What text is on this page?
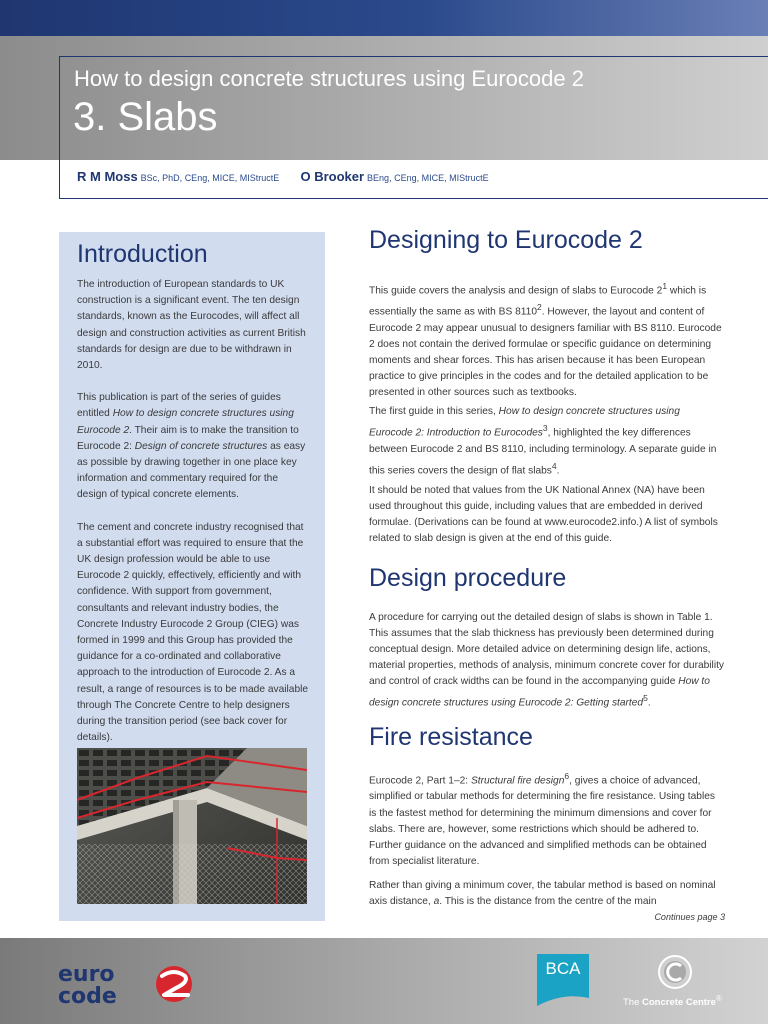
How to design concrete structures using Eurocode 2
3. Slabs
R M Moss BSc, PhD, CEng, MICE, MIStructE O Brooker BEng, CEng, MICE, MIStructE
Introduction

The introduction of European standards to UK construction is a significant event. The ten design standards, known as the Eurocodes, will affect all design and construction activities as current British standards for design are due to be withdrawn in 2010.

This publication is part of the series of guides entitled How to design concrete structures using Eurocode 2. Their aim is to make the transition to Eurocode 2: Design of concrete structures as easy as possible by drawing together in one place key information and commentary required for the design of typical concrete elements.

The cement and concrete industry recognised that a substantial effort was required to ensure that the UK design profession would be able to use Eurocode 2 quickly, effectively, efficiently and with confidence. With support from government, consultants and relevant industry bodies, the Concrete Industry Eurocode 2 Group (CIEG) was formed in 1999 and this Group has provided the guidance for a co-ordinated and collaborative approach to the introduction of Eurocode 2. As a result, a range of resources is to be made available through The Concrete Centre to help designers during the transition period (see back cover for details).

Designing to Eurocode 2

This guide covers the analysis and design of slabs to Eurocode $2^1$ which is essentially the same as with BS 8110$^2$. However, the layout and content of Eurocode 2 may appear unusual to designers familiar with BS 8110. Eurocode 2 does not contain the derived formulae or specific guidance on determining moments and shear forces. This has arisen because it has been European practice to give principles in the codes and for the detailed application to be presented in other sources such as textbooks.

The first guide in this series, How to design concrete structures using Eurocode 2: Introduction to Eurocodes$^3$, highlighted the key differences between Eurocode 2 and BS 8110, including terminology. A separate guide in this series covers the design of flat slabs$^4$.

It should be noted that values from the UK National Annex (NA) have been used throughout this guide, including values that are embedded in derived formulae. (Derivations can be found at www.eurocode2.info.) A list of symbols related to slab design is given at the end of this guide.

Design procedure

A procedure for carrying out the detailed design of slabs is shown in Table 1. This assumes that the slab thickness has previously been determined during conceptual design. More detailed advice on determining design life, actions, material properties, methods of analysis, minimum concrete cover for durability and control of crack widths can be found in the accompanying guide How to design concrete structures using Eurocode 2: Getting started$^5$.

Fire resistance

Eurocode 2, Part 1–2: Structural fire design$^6$, gives a choice of advanced, simplified or tabular methods for determining the fire resistance. Using tables is the fastest method for determining the minimum dimensions and cover for slabs. There are, however, some restrictions which should be adhered to. Further guidance on the advanced and simplified methods can be obtained from specialist literature.

Rather than giving a minimum cover, the tabular method is based on nominal axis distance, a. This is the distance from the centre of the main

Continues page 3
euro
code
BCA
The Concrete Centre®
